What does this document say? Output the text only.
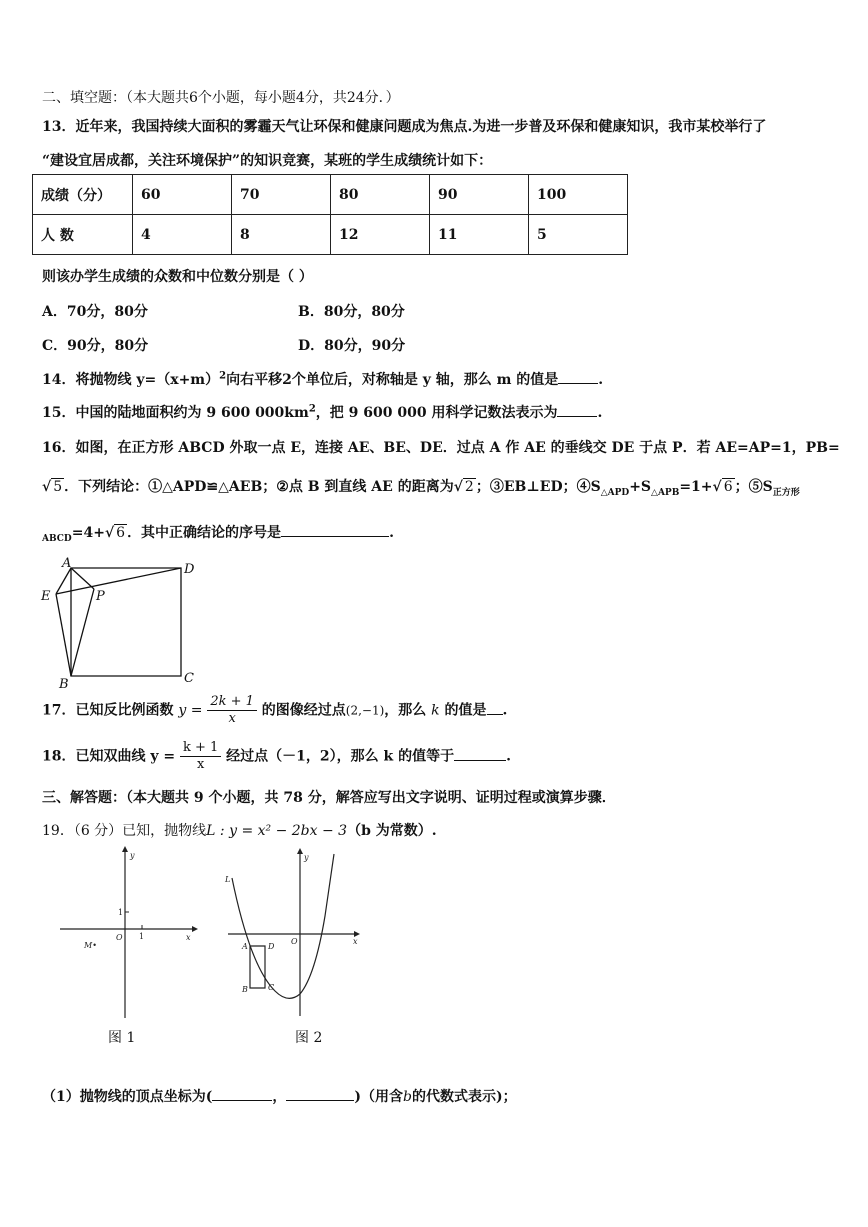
二、填空题：（本大题共6个小题，每小题4分，共24分．）
13．近年来，我国持续大面积的雾霾天气让环保和健康问题成为焦点.为进一步普及环保和健康知识，我市某校举行了
“建设宜居成都，关注环境保护”的知识竞赛，某班的学生成绩统计如下：
成绩（分）	60	70	80	90	100
人 数	4	8	12	11	5
则该办学生成绩的众数和中位数分别是（ ）
A．70分，80分	B．80分，80分
C．90分，80分	D．80分，90分
14．将抛物线 $y=(x+m)^2$向右平移2个单位后，对称轴是 y 轴，那么 m 的值是	.
15．中国的陆地面积约为 9 600 $000km^2$，把 9 600 000 用科学记数法表示为	.
16．如图，在正方形 ABCD 外取一点 E，连接 AE、BE、DE．过点 A 作 AE 的垂线交 DE 于点 P．若 AE=AP=1，PB=
√ 5 ．下列结论：①△APD≌△AEB；②点 B 到直线 AE 的距离为√ 2 ；③EB⊥ED；$④S_{\triangle APD}+S_{\triangle APB}=1+√$ 6 ；$⑤S_{正方形}$
$_{ABCD}$=4+√ 6 ．其中正确结论的序号是	.
A	D
E	P
B	C
17．已知反比例函数 $y = \frac{2k + 1}{x}$ 的图像经过点(2,−1)，那么 k 的值是 .
18．已知双曲线 $y = \frac{k + 1}{x}$ 经过点（－1，2），那么 k 的值等于	.
三、解答题：（本大题共 9 个小题，共 78 分，解答应写出文字说明、证明过程或演算步骤．
19．（6 分）已知，抛物线L : y = x² − 2bx − 3（b 为常数）.
y
x
O 1
1
M•
图 1
L
y
x
O
A	D
B	C
图 2
（1）抛物线的顶点坐标为(	，	)（用含b的代数式表示)；
